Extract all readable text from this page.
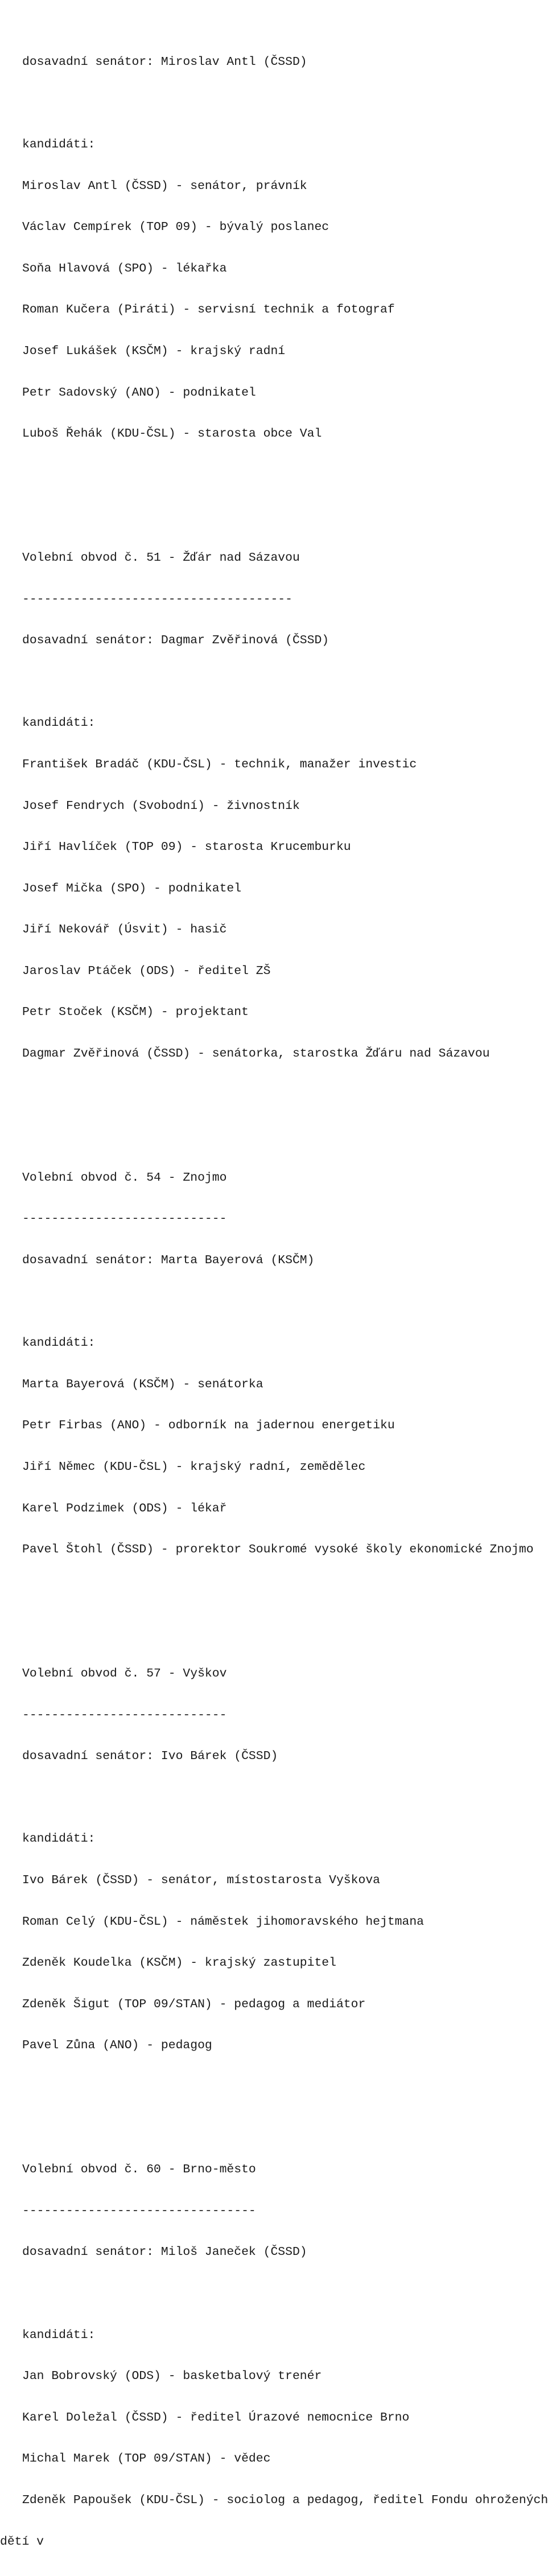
dosavadní senátor: Miroslav Antl (ČSSD)

kandidáti:

Miroslav Antl (ČSSD) - senátor, právník

Václav Cempírek (TOP 09) - bývalý poslanec

Soňa Hlavová (SPO) - lékařka

Roman Kučera (Piráti) - servisní technik a fotograf

Josef Lukášek (KSČM) - krajský radní

Petr Sadovský (ANO) - podnikatel

Luboš Řehák (KDU-ČSL) - starosta obce Val

Volební obvod č. 51 - Žďár nad Sázavou

-------------------------------------

dosavadní senátor: Dagmar Zvěřinová (ČSSD)

kandidáti:

František Bradáč (KDU-ČSL) - technik, manažer investic

Josef Fendrych (Svobodní) - živnostník

Jiří Havlíček (TOP 09) - starosta Krucemburku

Josef Mička (SPO) - podnikatel

Jiří Nekovář (Úsvit) - hasič

Jaroslav Ptáček (ODS) - ředitel ZŠ

Petr Stoček (KSČM) - projektant

Dagmar Zvěřinová (ČSSD) - senátorka, starostka Žďáru nad Sázavou

Volební obvod č. 54 - Znojmo

----------------------------

dosavadní senátor: Marta Bayerová (KSČM)

kandidáti:

Marta Bayerová (KSČM) - senátorka

Petr Firbas (ANO) - odborník na jadernou energetiku

Jiří Němec (KDU-ČSL) - krajský radní, zemědělec

Karel Podzimek (ODS) - lékař

Pavel Štohl (ČSSD) - prorektor Soukromé vysoké školy ekonomické Znojmo

Volební obvod č. 57 - Vyškov

----------------------------

dosavadní senátor: Ivo Bárek (ČSSD)

kandidáti:

Ivo Bárek (ČSSD) - senátor, místostarosta Vyškova

Roman Celý (KDU-ČSL) - náměstek jihomoravského hejtmana

Zdeněk Koudelka (KSČM) - krajský zastupitel

Zdeněk Šigut (TOP 09/STAN) - pedagog a mediátor

Pavel Zůna (ANO) - pedagog

Volební obvod č. 60 - Brno-město

--------------------------------

dosavadní senátor: Miloš Janeček (ČSSD)

kandidáti:

Jan Bobrovský (ODS) - basketbalový trenér

Karel Doležal (ČSSD) - ředitel Úrazové nemocnice Brno

Michal Marek (TOP 09/STAN) - vědec

Zdeněk Papoušek (KDU-ČSL) - sociolog a pedagog, ředitel Fondu ohrožených

dětí v
